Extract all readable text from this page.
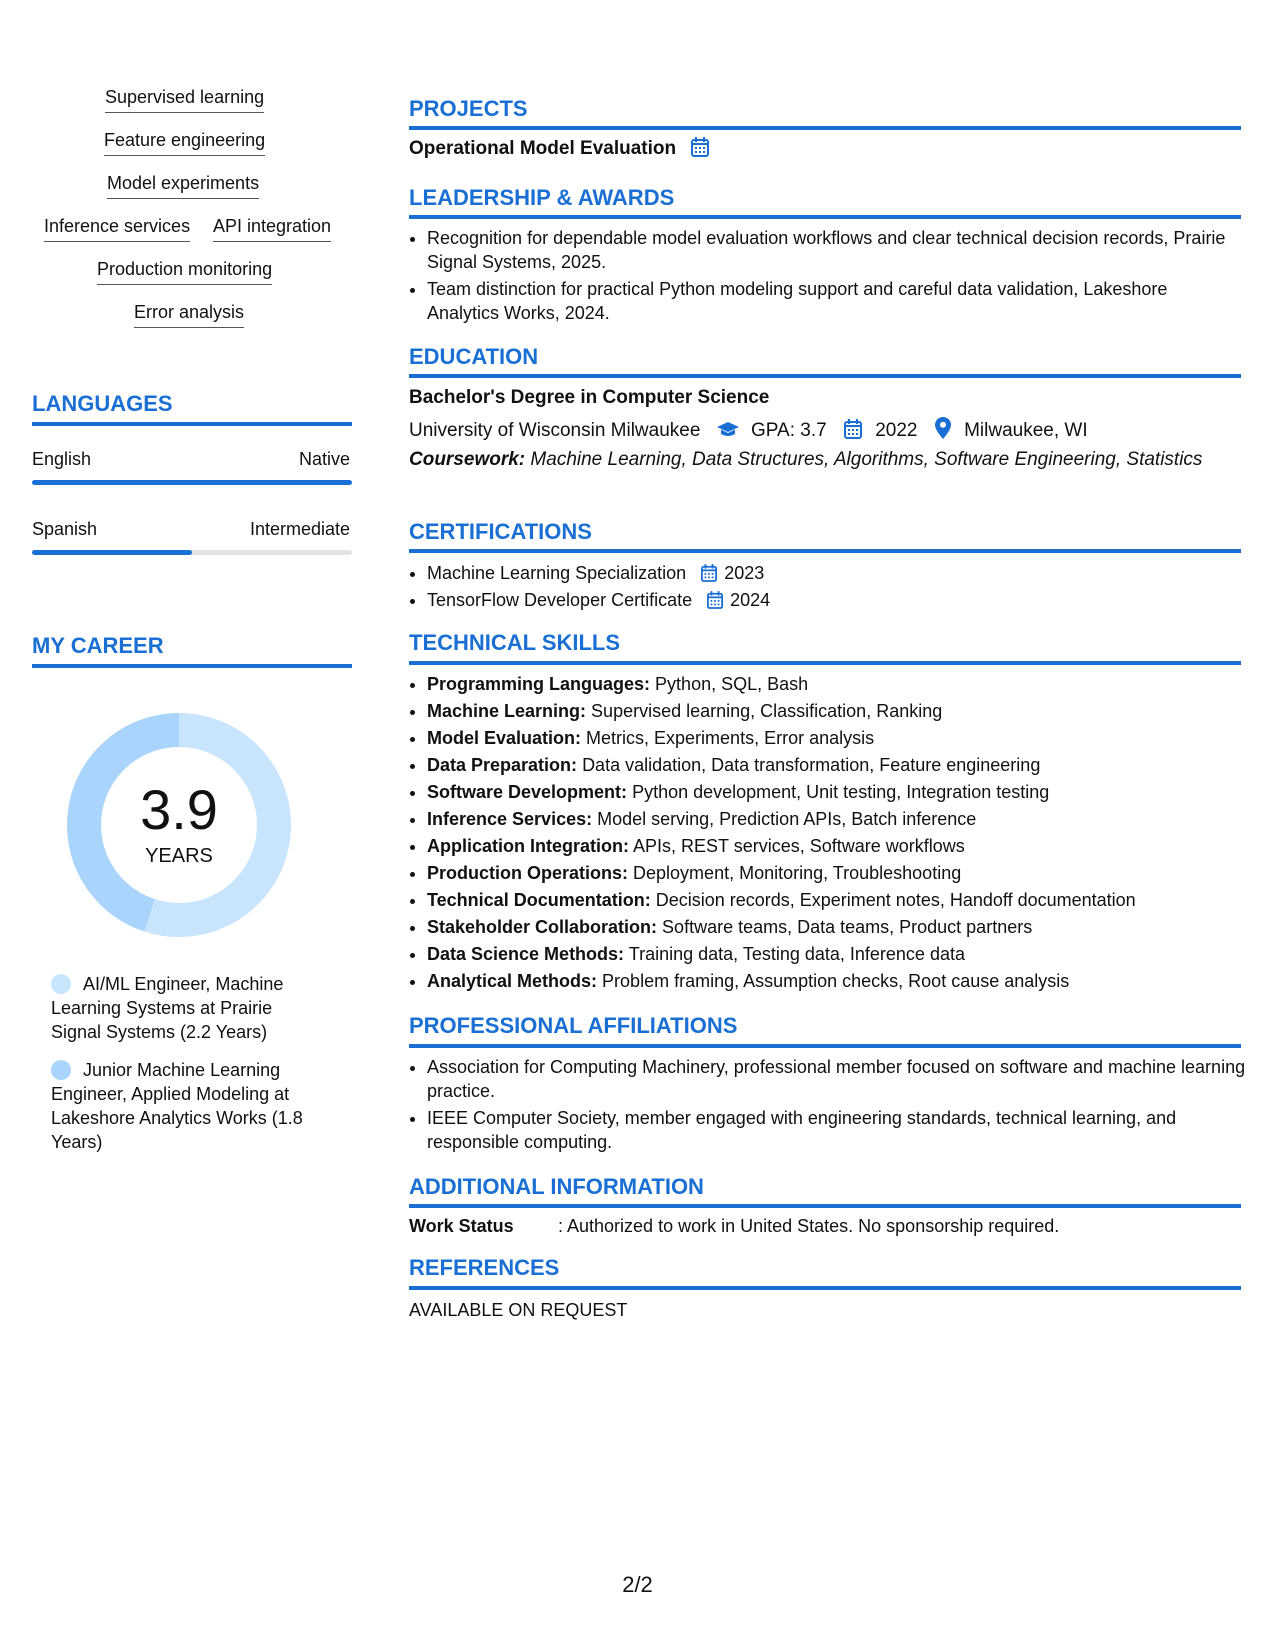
Supervised learning
Feature engineering
Model experiments
Inference services API integration
Production monitoring
Error analysis
LANGUAGES
English	Native
Spanish	Intermediate
MY CAREER
3.9
YEARS
AI/ML Engineer, Machine Learning Systems at Prairie Signal Systems (2.2 Years)
Junior Machine Learning Engineer, Applied Modeling at Lakeshore Analytics Works (1.8 Years)
PROJECTS
Operational Model Evaluation
LEADERSHIP & AWARDS
• Recognition for dependable model evaluation workflows and clear technical decision records, Prairie Signal Systems, 2025.
• Team distinction for practical Python modeling support and careful data validation, Lakeshore Analytics Works, 2024.
EDUCATION
Bachelor's Degree in Computer Science
University of Wisconsin Milwaukee	GPA: 3.7	2022 Milwaukee, WI
Coursework: Machine Learning, Data Structures, Algorithms, Software Engineering, Statistics
CERTIFICATIONS
• Machine Learning Specialization 2023
• TensorFlow Developer Certificate 2024
TECHNICAL SKILLS
• Programming Languages: Python, SQL, Bash
• Machine Learning: Supervised learning, Classification, Ranking
• Model Evaluation: Metrics, Experiments, Error analysis
• Data Preparation: Data validation, Data transformation, Feature engineering
• Software Development: Python development, Unit testing, Integration testing
• Inference Services: Model serving, Prediction APIs, Batch inference
• Application Integration: APIs, REST services, Software workflows
• Production Operations: Deployment, Monitoring, Troubleshooting
• Technical Documentation: Decision records, Experiment notes, Handoff documentation
• Stakeholder Collaboration: Software teams, Data teams, Product partners
• Data Science Methods: Training data, Testing data, Inference data
• Analytical Methods: Problem framing, Assumption checks, Root cause analysis
PROFESSIONAL AFFILIATIONS
• Association for Computing Machinery, professional member focused on software and machine learning practice.
• IEEE Computer Society, member engaged with engineering standards, technical learning, and responsible computing.
ADDITIONAL INFORMATION
Work Status : Authorized to work in United States. No sponsorship required.
REFERENCES
AVAILABLE ON REQUEST
2/2
